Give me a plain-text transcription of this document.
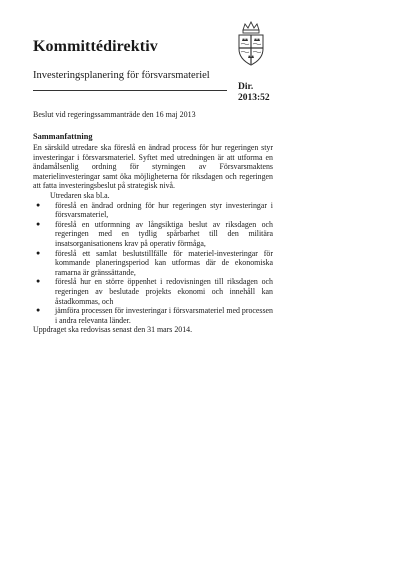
Kommittédirektiv
Investeringsplanering för försvarsmateriel
Dir.
2013:52
Beslut vid regeringssammanträde den 16 maj 2013
Sammanfattning

En särskild utredare ska föreslå en ändrad process för hur regeringen styr investeringar i försvarsmateriel. Syftet med utredningen är att utforma en ändamålsenlig ordning för styrningen av Försvarsmaktens materielinvesteringar samt öka möjligheterna för riksdagen och regeringen att fatta investeringsbeslut på strategisk nivå.

Utredaren ska bl.a.

● föreslå en ändrad ordning för hur regeringen styr investeringar i försvarsmateriel,
● föreslå en utformning av långsiktiga beslut av riksdagen och regeringen med en tydlig spårbarhet till den militära insatsorganisationens krav på operativ förmåga,
● föreslå ett samlat beslutstillfälle för materiel-investeringar för kommande planeringsperiod kan utformas där de ekonomiska ramarna är gränssättande,
● föreslå hur en större öppenhet i redovisningen till riksdagen och regeringen av beslutade projekts ekonomi och innehåll kan åstadkommas, och
● jämföra processen för investeringar i försvarsmateriel med processen i andra relevanta länder.

Uppdraget ska redovisas senast den 31 mars 2014.
